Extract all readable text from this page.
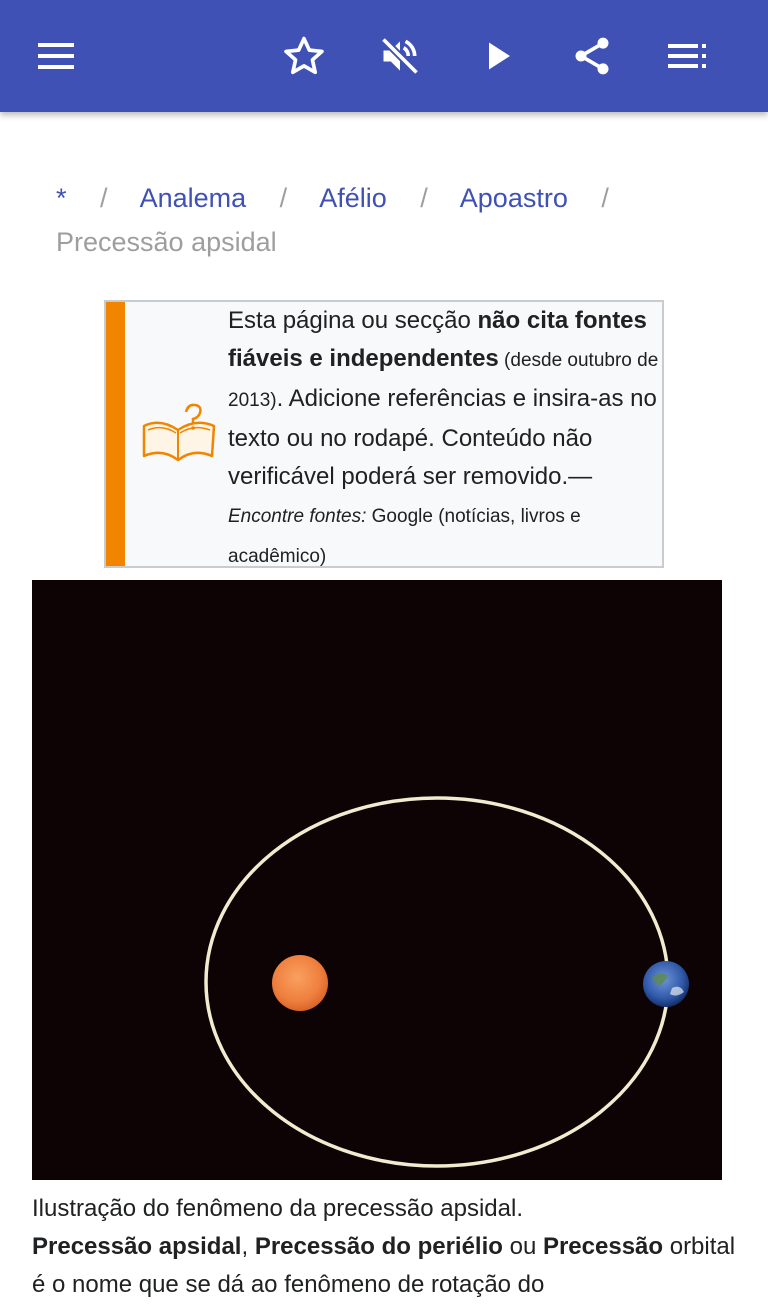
* / Analema / Afélio / Apoastro /
Precessão apsidal
Esta página ou secção não cita fontes fiáveis e independentes (desde outubro de 2013). Adicione referências e insira-as no texto ou no rodapé. Conteúdo não verificável poderá ser removido.—Encontre fontes: Google (notícias, livros e acadêmico)
Ilustração do fenômeno da precessão apsidal.
Precessão apsidal, Precessão do periélio ou Precessão orbital é o nome que se dá ao fenômeno de rotação do
